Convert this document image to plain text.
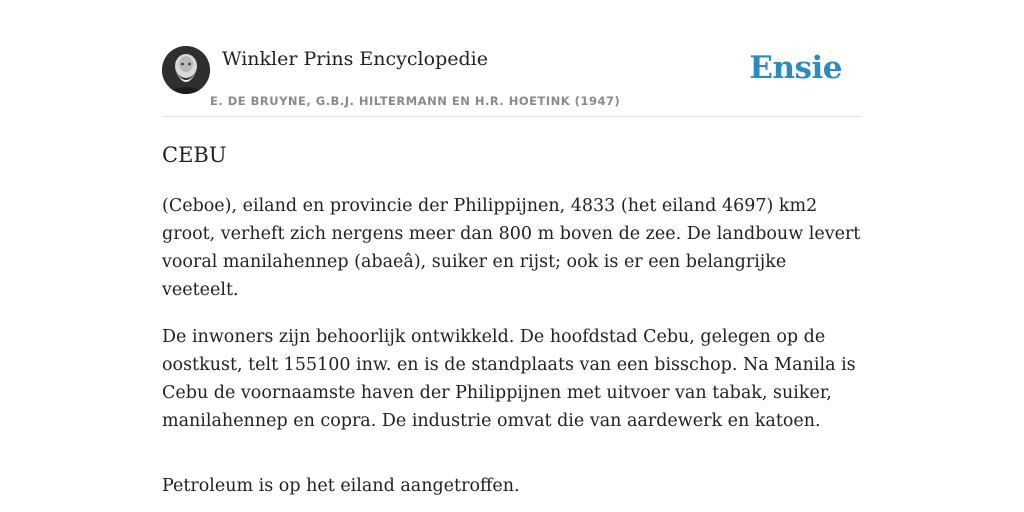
Winkler Prins Encyclopedie
E. DE BRUYNE, G.B.J. HILTERMANN EN H.R. HOETINK (1947)
Ensie
CEBU

(Ceboe), eiland en provincie der Philippijnen, 4833 (het eiland 4697) km2 groot, verheft zich nergens meer dan 800 m boven de zee. De landbouw levert vooral manilahennep (abaeâ), suiker en rijst; ook is er een belangrijke veeteelt.

De inwoners zijn behoorlijk ontwikkeld. De hoofdstad Cebu, gelegen op de oostkust, telt 155100 inw. en is de standplaats van een bisschop. Na Manila is Cebu de voornaamste haven der Philippijnen met uitvoer van tabak, suiker, manilahennep en copra. De industrie omvat die van aardewerk en katoen.

Petroleum is op het eiland aangetroffen.
